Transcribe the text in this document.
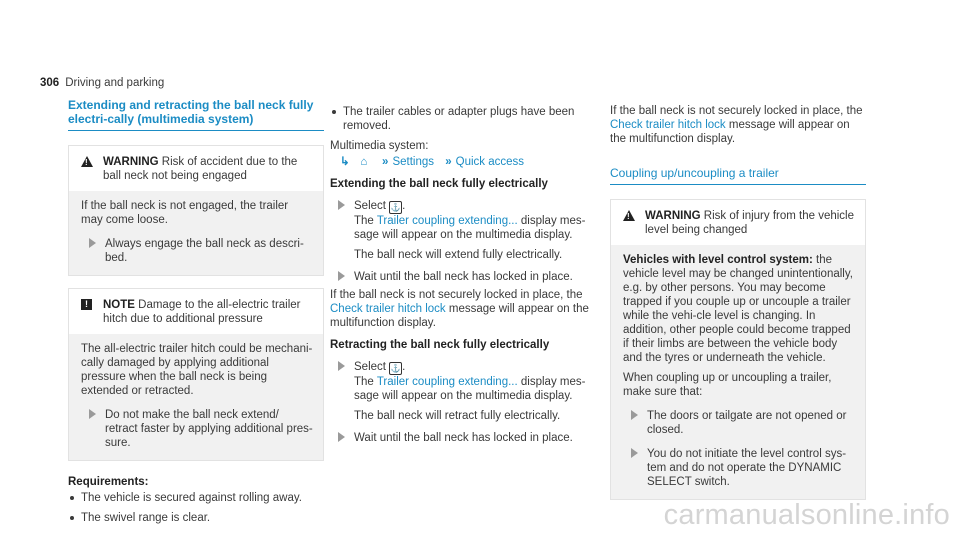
306 Driving and parking
Extending and retracting the ball neck fully electri-cally (multimedia system)
! WARNING Risk of accident due to the ball neck not being engaged

If the ball neck is not engaged, the trailer may come loose.

Always engage the ball neck as descri-bed.
!	NOTE Damage to the all-electric trailer hitch due to additional pressure

The all-electric trailer hitch could be mechani-cally damaged by applying additional pressure when the ball neck is being extended or retracted.

Do not make the ball neck extend/ retract faster by applying additional pres-sure.
Requirements:
The vehicle is secured against rolling away.
The swivel range is clear.
The trailer cables or adapter plugs have been removed.

Multimedia system:

↳ ⌂ » Settings » Quick access
Extending the ball neck fully electrically
Select ⚓ .
The Trailer coupling extending... display mes-sage will appear on the multimedia display.

The ball neck will extend fully electrically.

Wait until the ball neck has locked in place.

If the ball neck is not securely locked in place, the Check trailer hitch lock message will appear on the multifunction display.

Retracting the ball neck fully electrically
Select ⚓ .
The Trailer coupling extending... display mes-sage will appear on the multimedia display.

The ball neck will retract fully electrically.

Wait until the ball neck has locked in place.

If the ball neck is not securely locked in place, the Check trailer hitch lock message will appear on the multifunction display.

Coupling up/uncoupling a trailer
! WARNING Risk of injury from the vehicle level being changed

Vehicles with level control system: the vehicle level may be changed unintentionally, e.g. by other persons. You may become trapped if you couple up or uncouple a trailer while the vehi-cle level is changing. In addition, other people could become trapped if their limbs are between the vehicle body and the tyres or underneath the vehicle.

When coupling up or uncoupling a trailer, make sure that:

The doors or tailgate are not opened or closed.
You do not initiate the level control sys-tem and do not operate the DYNAMIC SELECT switch.
carmanualsonline.info
